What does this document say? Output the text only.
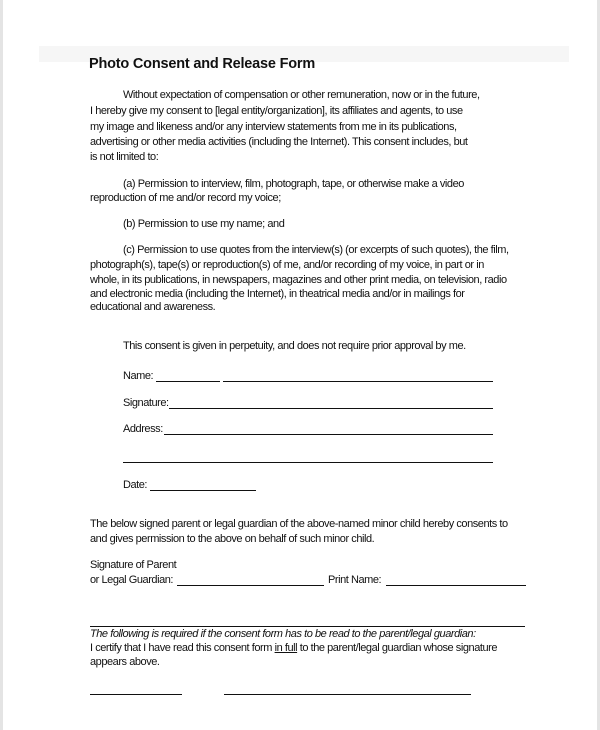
Photo Consent and Release Form
Without expectation of compensation or other remuneration, now or in the future,
I hereby give my consent to [legal entity/organization], its affiliates and agents, to use
my image and likeness and/or any interview statements from me in its publications,
advertising or other media activities (including the Internet). This consent includes, but
is not limited to:
(a) Permission to interview, film, photograph, tape, or otherwise make a video
reproduction of me and/or record my voice;
(b) Permission to use my name; and
(c) Permission to use quotes from the interview(s) (or excerpts of such quotes), the film,
photograph(s), tape(s) or reproduction(s) of me, and/or recording of my voice, in part or in
whole, in its publications, in newspapers, magazines and other print media, on television, radio
and electronic media (including the Internet), in theatrical media and/or in mailings for
educational and awareness.
This consent is given in perpetuity, and does not require prior approval by me.
Name:
Signature:
Address:
Date:
The below signed parent or legal guardian of the above-named minor child hereby consents to
and gives permission to the above on behalf of such minor child.
Signature of Parent
or Legal Guardian:	Print Name:
The following is required if the consent form has to be read to the parent/legal guardian:
I certify that I have read this consent form in full to the parent/legal guardian whose signature
appears above.
